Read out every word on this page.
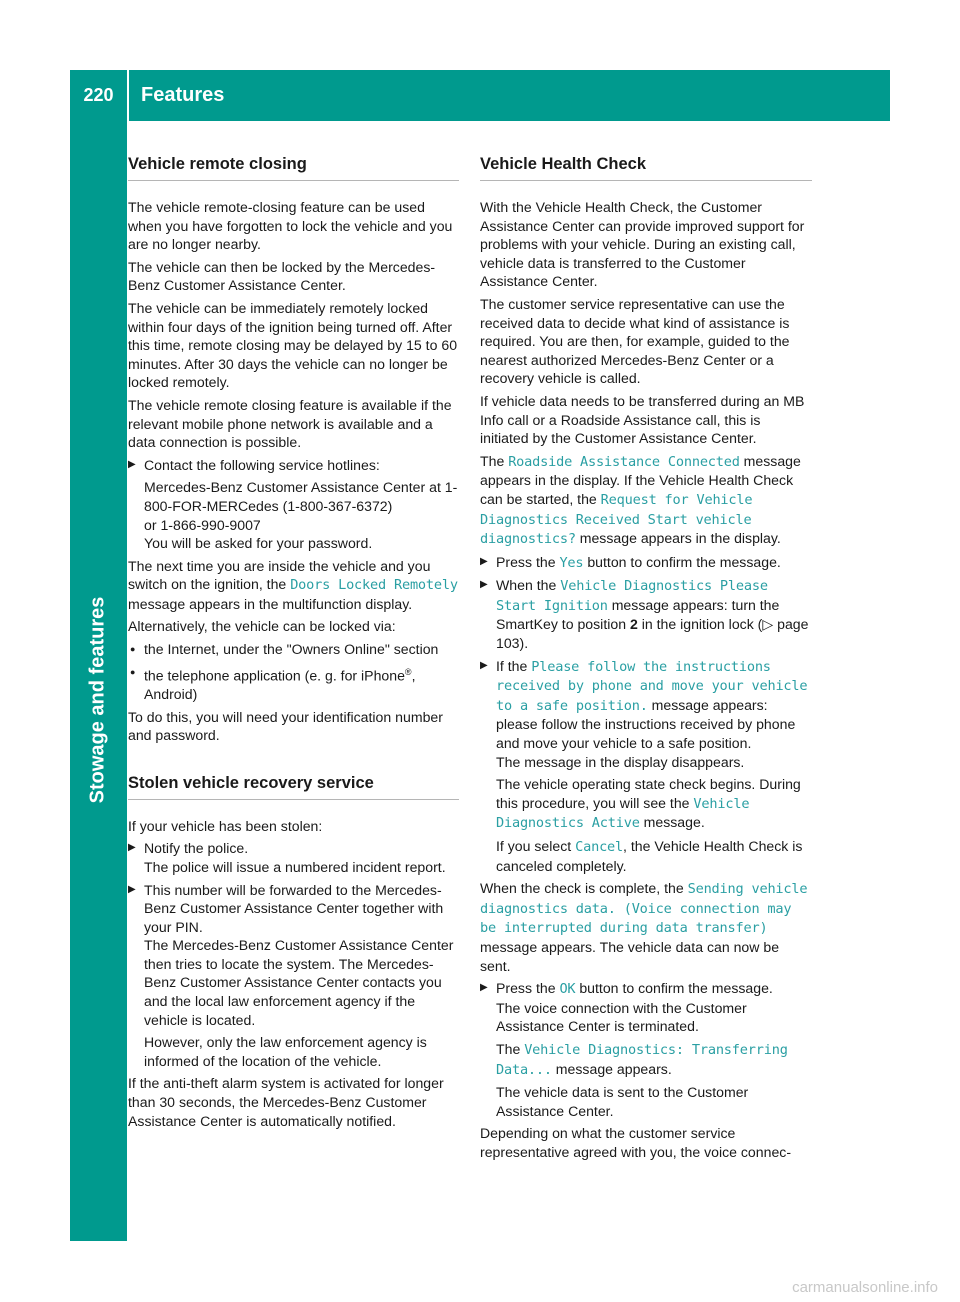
220	Features
Stowage and features
Vehicle remote closing

The vehicle remote-closing feature can be used when you have forgotten to lock the vehicle and you are no longer nearby.

The vehicle can then be locked by the Mercedes-Benz Customer Assistance Center.

The vehicle can be immediately remotely locked within four days of the ignition being turned off. After this time, remote closing may be delayed by 15 to 60 minutes. After 30 days the vehicle can no longer be locked remotely.

The vehicle remote closing feature is available if the relevant mobile phone network is available and a data connection is possible.

▶ Contact the following service hotlines:
Mercedes-Benz Customer Assistance Center at 1-800-FOR-MERCedes (1-800-367-6372)
or 1-866-990-9007
You will be asked for your password.

The next time you are inside the vehicle and you switch on the ignition, the Doors Locked Remotely message appears in the multifunction display.

Alternatively, the vehicle can be locked via:

● the Internet, under the "Owners Online" section
● the telephone application (e. g. for iPhone®, Android)

To do this, you will need your identification number and password.

Stolen vehicle recovery service

If your vehicle has been stolen:

▶ Notify the police.
The police will issue a numbered incident report.
▶ This number will be forwarded to the Mercedes-Benz Customer Assistance Center together with your PIN.
The Mercedes-Benz Customer Assistance Center then tries to locate the system. The Mercedes-Benz Customer Assistance Center contacts you and the local law enforcement agency if the vehicle is located.
However, only the law enforcement agency is informed of the location of the vehicle.

If the anti-theft alarm system is activated for longer than 30 seconds, the Mercedes-Benz Customer Assistance Center is automatically notified.

Vehicle Health Check

With the Vehicle Health Check, the Customer Assistance Center can provide improved support for problems with your vehicle. During an existing call, vehicle data is transferred to the Customer Assistance Center.

The customer service representative can use the received data to decide what kind of assistance is required. You are then, for example, guided to the nearest authorized Mercedes-Benz Center or a recovery vehicle is called.

If vehicle data needs to be transferred during an MB Info call or a Roadside Assistance call, this is initiated by the Customer Assistance Center.

The Roadside Assistance Connected message appears in the display. If the Vehicle Health Check can be started, the Request for Vehicle Diagnostics Received Start vehicle diagnostics? message appears in the display.

▶ Press the Yes button to confirm the message.
▶ When the Vehicle Diagnostics Please Start Ignition message appears: turn the SmartKey to position 2 in the ignition lock (▷ page 103).
▶ If the Please follow the instructions received by phone and move your vehicle to a safe position. message appears: please follow the instructions received by phone and move your vehicle to a safe position.
The message in the display disappears.
The vehicle operating state check begins. During this procedure, you will see the Vehicle Diagnostics Active message.
If you select Cancel, the Vehicle Health Check is canceled completely.

When the check is complete, the Sending vehicle diagnostics data. (Voice connection may be interrupted during data transfer) message appears. The vehicle data can now be sent.

▶ Press the OK button to confirm the message.
The voice connection with the Customer Assistance Center is terminated.
The Vehicle Diagnostics: Transferring Data... message appears.
The vehicle data is sent to the Customer Assistance Center.

Depending on what the customer service representative agreed with you, the voice connec-

carmanualsonline.info
